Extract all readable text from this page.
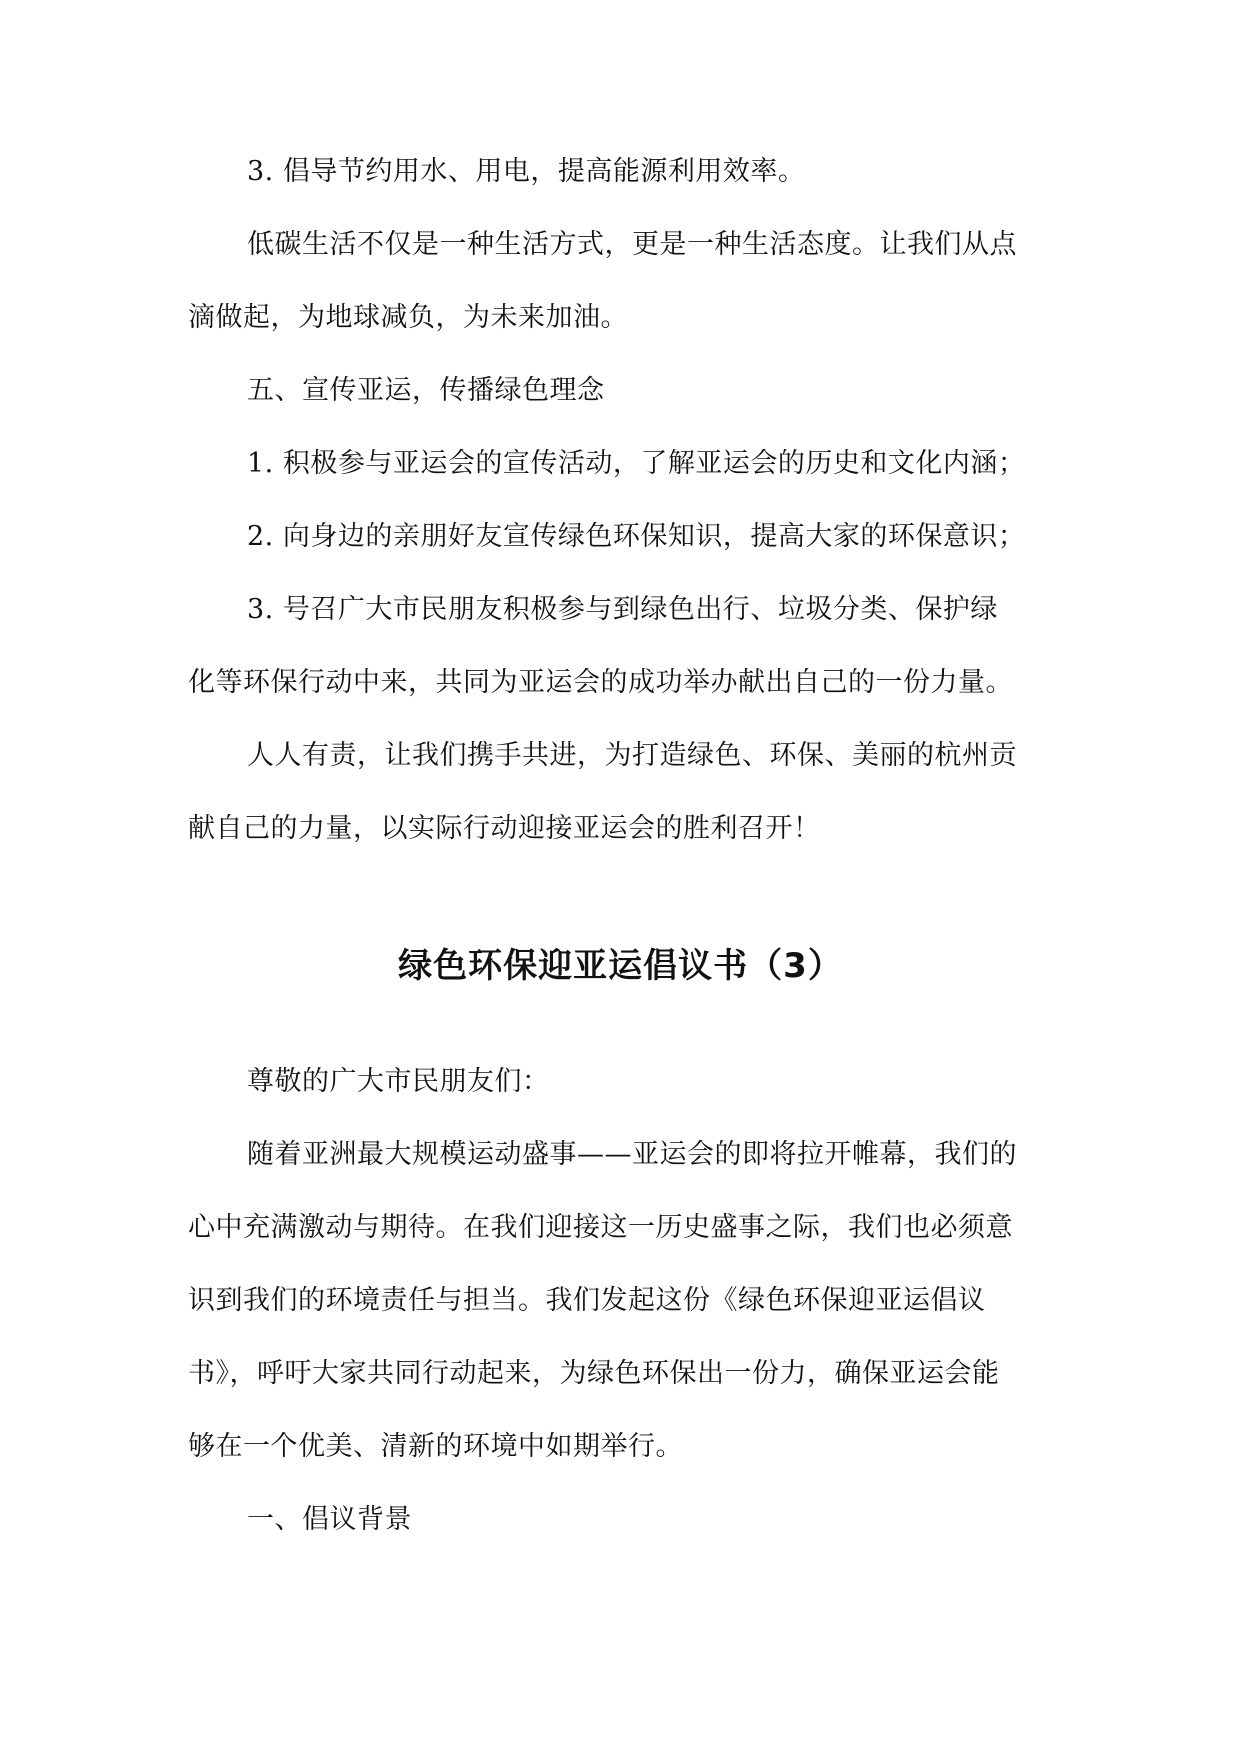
3. 倡导节约用水、用电，提高能源利用效率。
低碳生活不仅是一种生活方式，更是一种生活态度。让我们从点
滴做起，为地球减负，为未来加油。
五、宣传亚运，传播绿色理念
1. 积极参与亚运会的宣传活动，了解亚运会的历史和文化内涵；
2. 向身边的亲朋好友宣传绿色环保知识，提高大家的环保意识；
3. 号召广大市民朋友积极参与到绿色出行、垃圾分类、保护绿
化等环保行动中来，共同为亚运会的成功举办献出自己的一份力量。
人人有责，让我们携手共进，为打造绿色、环保、美丽的杭州贡
献自己的力量，以实际行动迎接亚运会的胜利召开！
绿色环保迎亚运倡议书（3）
尊敬的广大市民朋友们：
随着亚洲最大规模运动盛事——亚运会的即将拉开帷幕，我们的
心中充满激动与期待。在我们迎接这一历史盛事之际，我们也必须意
识到我们的环境责任与担当。我们发起这份《绿色环保迎亚运倡议
书》，呼吁大家共同行动起来，为绿色环保出一份力，确保亚运会能
够在一个优美、清新的环境中如期举行。
一、倡议背景
